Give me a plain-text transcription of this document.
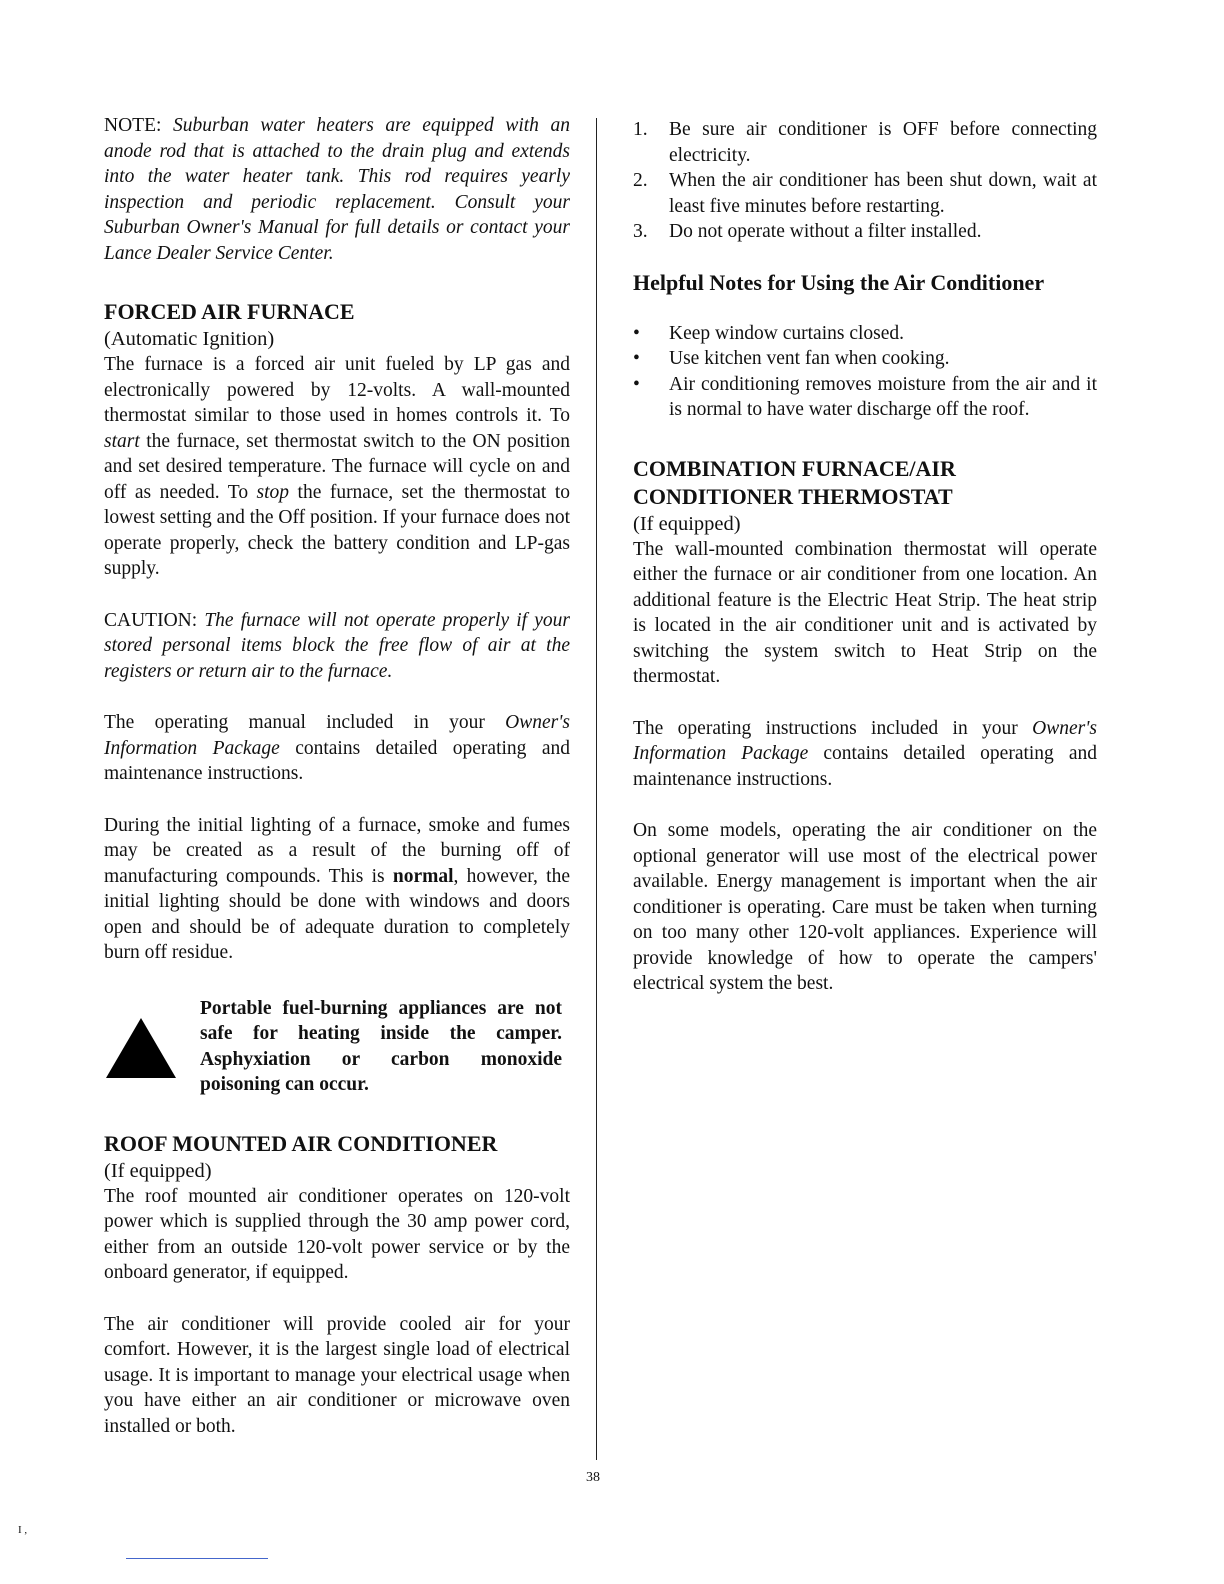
NOTE: Suburban water heaters are equipped with an anode rod that is attached to the drain plug and extends into the water heater tank. This rod requires yearly inspection and periodic replacement. Consult your Suburban Owner's Manual for full details or contact your Lance Dealer Service Center.

FORCED AIR FURNACE
(Automatic Ignition)

The furnace is a forced air unit fueled by LP gas and electronically powered by 12-volts. A wall-mounted thermostat similar to those used in homes controls it. To start the furnace, set thermostat switch to the ON position and set desired temperature. The furnace will cycle on and off as needed. To stop the furnace, set the thermostat to lowest setting and the Off position. If your furnace does not operate properly, check the battery condition and LP-gas supply.

CAUTION: The furnace will not operate properly if your stored personal items block the free flow of air at the registers or return air to the furnace.

The operating manual included in your Owner's Information Package contains detailed operating and maintenance instructions.

During the initial lighting of a furnace, smoke and fumes may be created as a result of the burning off of manufacturing compounds. This is normal, however, the initial lighting should be done with windows and doors open and should be of adequate duration to completely burn off residue.

Portable fuel-burning appliances are not safe for heating inside the camper. Asphyxiation or carbon monoxide poisoning can occur.
ROOF MOUNTED AIR CONDITIONER
(If equipped)

The roof mounted air conditioner operates on 120-volt power which is supplied through the 30 amp power cord, either from an outside 120-volt power service or by the onboard generator, if equipped.

The air conditioner will provide cooled air for your comfort. However, it is the largest single load of electrical usage. It is important to manage your electrical usage when you have either an air conditioner or microwave oven installed or both.

1.	Be sure air conditioner is OFF before connecting electricity.
2.	When the air conditioner has been shut down, wait at least five minutes before restarting.
3.	Do not operate without a filter installed.
Helpful Notes for Using the Air Conditioner
•	Keep window curtains closed.
•	Use kitchen vent fan when cooking.
•	Air conditioning removes moisture from the air and it is normal to have water discharge off the roof.
COMBINATION FURNACE/AIR
CONDITIONER THERMOSTAT
(If equipped)

The wall-mounted combination thermostat will operate either the furnace or air conditioner from one location. An additional feature is the Electric Heat Strip. The heat strip is located in the air conditioner unit and is activated by switching the system switch to Heat Strip on the thermostat.

The operating instructions included in your Owner's Information Package contains detailed operating and maintenance instructions.

On some models, operating the air conditioner on the optional generator will use most of the electrical power available. Energy management is important when the air conditioner is operating. Care must be taken when turning on too many other 120-volt appliances. Experience will provide knowledge of how to operate the campers' electrical system the best.

38
I ,
